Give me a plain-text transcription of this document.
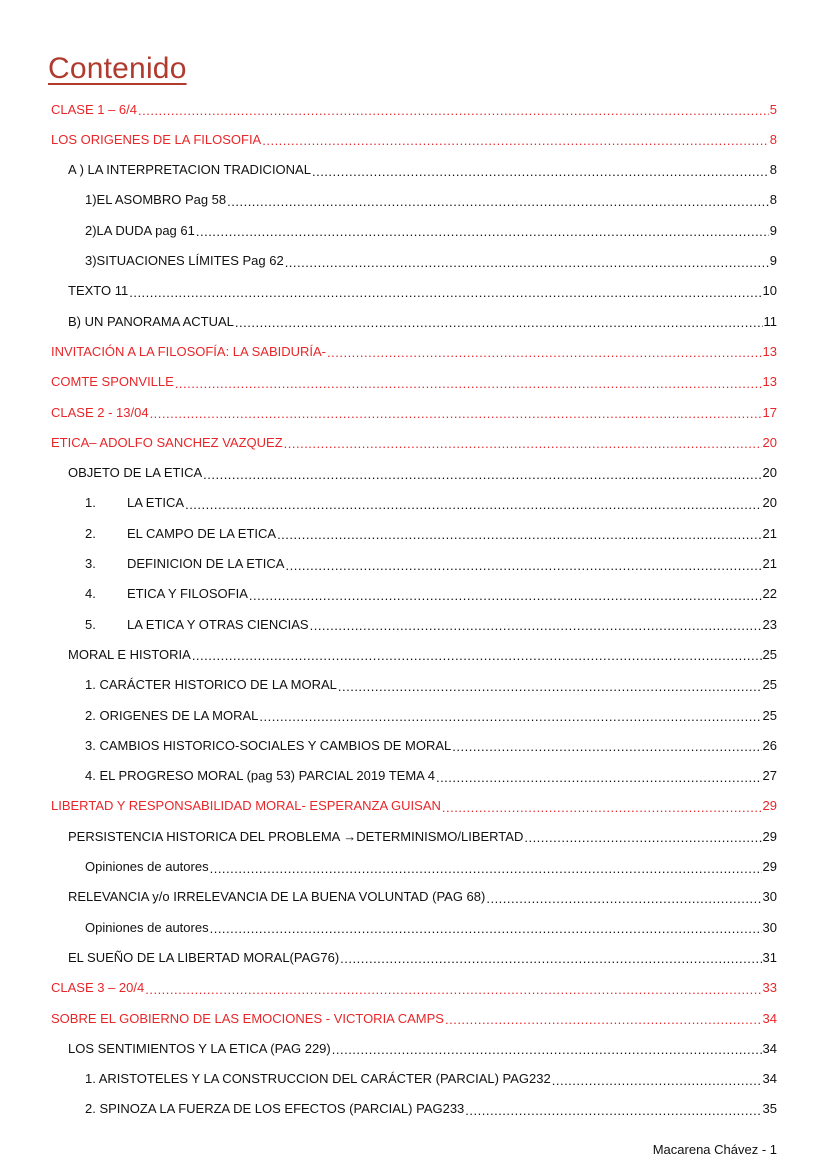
Contenido
CLASE 1 – 6/4 .....	5
LOS ORIGENES DE LA FILOSOFIA .....	8
A ) LA INTERPRETACION TRADICIONAL .....	8
1)EL ASOMBRO Pag 58 .....	8
2)LA DUDA pag 61 .....	9
3)SITUACIONES LÍMITES Pag 62 .....	9
TEXTO 11 .....	10
B) UN PANORAMA ACTUAL .....	11
INVITACIÓN A LA FILOSOFÍA: LA SABIDURÍA- .....	13
COMTE SPONVILLE .....	13
CLASE 2 - 13/04 .....	17
ETICA– ADOLFO SANCHEZ VAZQUEZ .....	20
OBJETO DE LA ETICA .....	20
1.	LA ETICA .....	20
2.	EL CAMPO DE LA ETICA .....	21
3.	DEFINICION DE LA ETICA .....	21
4.	ETICA Y FILOSOFIA .....	22
5.	LA ETICA Y OTRAS CIENCIAS .....	23
MORAL E HISTORIA .....	25
1. CARÁCTER HISTORICO DE LA MORAL .....	25
2. ORIGENES DE LA MORAL .....	25
3. CAMBIOS HISTORICO-SOCIALES Y CAMBIOS DE MORAL .....	26
4. EL PROGRESO MORAL (pag 53) PARCIAL 2019 TEMA 4 .....	27
LIBERTAD Y RESPONSABILIDAD MORAL- ESPERANZA GUISAN .....	29
PERSISTENCIA HISTORICA DEL PROBLEMA →DETERMINISMO/LIBERTAD .....	29
Opiniones de autores .....	29
RELEVANCIA y/o IRRELEVANCIA DE LA BUENA VOLUNTAD (PAG 68) .....	30
Opiniones de autores .....	30
EL SUEÑO DE LA LIBERTAD MORAL(PAG76) .....	31
CLASE 3 – 20/4 .....	33
SOBRE EL GOBIERNO DE LAS EMOCIONES - VICTORIA CAMPS .....	34
LOS SENTIMIENTOS Y LA ETICA (PAG 229) .....	34
1. ARISTOTELES Y LA CONSTRUCCION DEL CARÁCTER (PARCIAL) PAG232 .....	34
2. SPINOZA LA FUERZA DE LOS EFECTOS (PARCIAL) PAG233 .....	35
Macarena Chávez - 1
